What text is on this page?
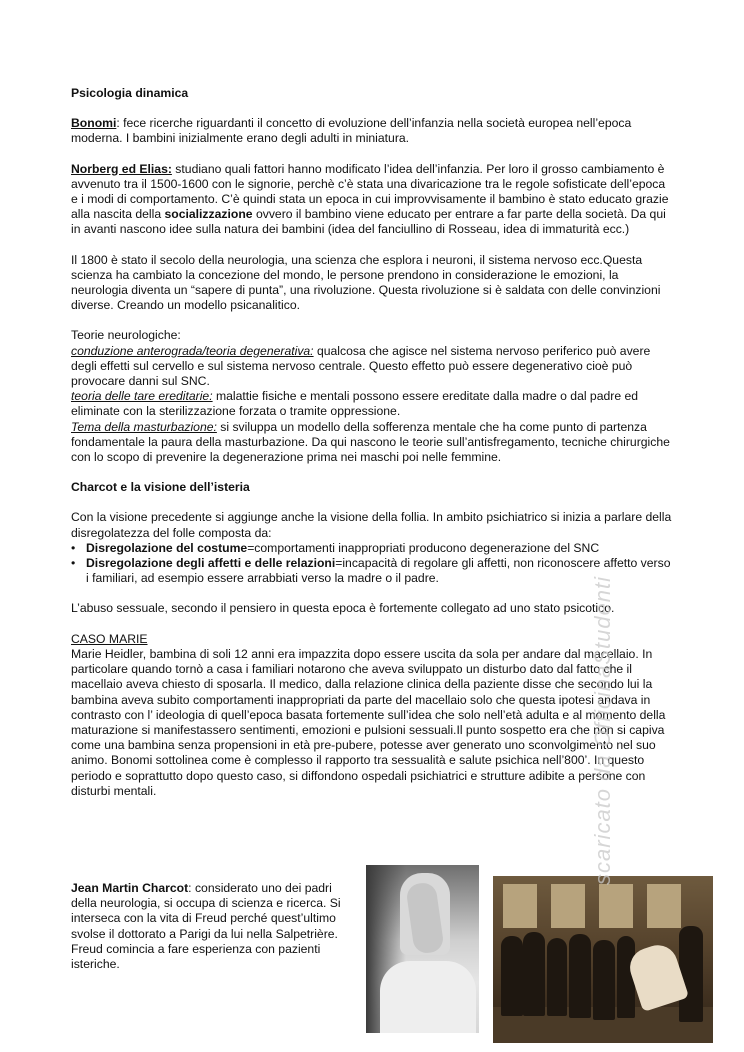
Psicologia dinamica

Bonomi: fece ricerche riguardanti il concetto di evoluzione dell’infanzia nella società europea nell’epoca moderna. I bambini inizialmente erano degli adulti in miniatura.

Norberg ed Elias: studiano quali fattori hanno modificato l’idea dell’infanzia. Per loro il grosso cambiamento è avvenuto tra il 1500-1600 con le signorie, perchè c’è stata una divaricazione tra le regole sofisticate dell’epoca e i modi di comportamento. C’è quindi stata un epoca in cui improvvisamente il bambino è stato educato grazie alla nascita della socializzazione ovvero il bambino viene educato per entrare a far parte della società. Da qui in avanti nascono idee sulla natura dei bambini (idea del fanciullino di Rosseau, idea di immaturità ecc.)

Il 1800 è stato il secolo della neurologia, una scienza che esplora i neuroni, il sistema nervoso ecc.Questa scienza ha cambiato la concezione del mondo, le persone prendono in considerazione le emozioni, la neurologia diventa un “sapere di punta”, una rivoluzione. Questa rivoluzione si è saldata con delle convinzioni diverse. Creando un modello psicanalitico.

Teorie neurologiche:

conduzione anterograda/teoria degenerativa: qualcosa che agisce nel sistema nervoso periferico può avere degli effetti sul cervello e sul sistema nervoso centrale. Questo effetto può essere degenerativo cioè può provocare danni sul SNC.

teoria delle tare ereditarie: malattie fisiche e mentali possono essere ereditate dalla madre o dal padre ed eliminate con la sterilizzazione forzata o tramite oppressione.

Tema della masturbazione: si sviluppa un modello della sofferenza mentale che ha come punto di partenza fondamentale la paura della masturbazione. Da qui nascono le teorie sull’antisfregamento, tecniche chirurgiche con lo scopo di prevenire la degenerazione prima nei maschi poi nelle femmine.

Charcot e la visione dell’isteria

Con la visione precedente si aggiunge anche la visione della follia. In ambito psichiatrico si inizia a parlare della disregolatezza del folle composta da:

• Disregolazione del costume=comportamenti inappropriati producono degenerazione del SNC
• Disregolazione degli affetti e delle relazioni=incapacità di regolare gli affetti, non riconoscere affetto verso i familiari, ad esempio essere arrabbiati verso la madre o il padre.

L’abuso sessuale, secondo il pensiero in questa epoca è fortemente collegato ad uno stato psicotico.

CASO MARIE

Marie Heidler, bambina di soli 12 anni era impazzita dopo essere uscita da sola per andare dal macellaio. In particolare quando tornò a casa i familiari notarono che aveva sviluppato un disturbo dato dal fatto che il macellaio aveva chiesto di sposarla. Il medico, dalla relazione clinica della paziente disse che secondo lui la bambina aveva subito comportamenti inappropriati da parte del macellaio solo che questa ipotesi andava in contrasto con l’ ideologia di quell’epoca basata fortemente sull’idea che solo nell’età adulta e al momento della maturazione si manifestassero sentimenti, emozioni e pulsioni sessuali.Il punto sospetto era che non si capiva come una bambina senza propensioni in età pre-pubere, potesse aver generato uno sconvolgimento nel suo animo. Bonomi sottolinea come è complesso il rapporto tra sessualità e salute psichica nell’800’. In questo periodo e soprattutto dopo questo caso, si diffondono ospedali psichiatrici e strutture adibite a persone con disturbi mentali.

Jean Martin Charcot: considerato uno dei padri della neurologia, si occupa di scienza e ricerca. Si interseca con la vita di Freud perché quest’ultimo svolse il dottorato a Parigi da lui nella Salpetrière. Freud comincia a fare esperienza con pazienti isteriche.

scaricato da OfficinaStudenti
